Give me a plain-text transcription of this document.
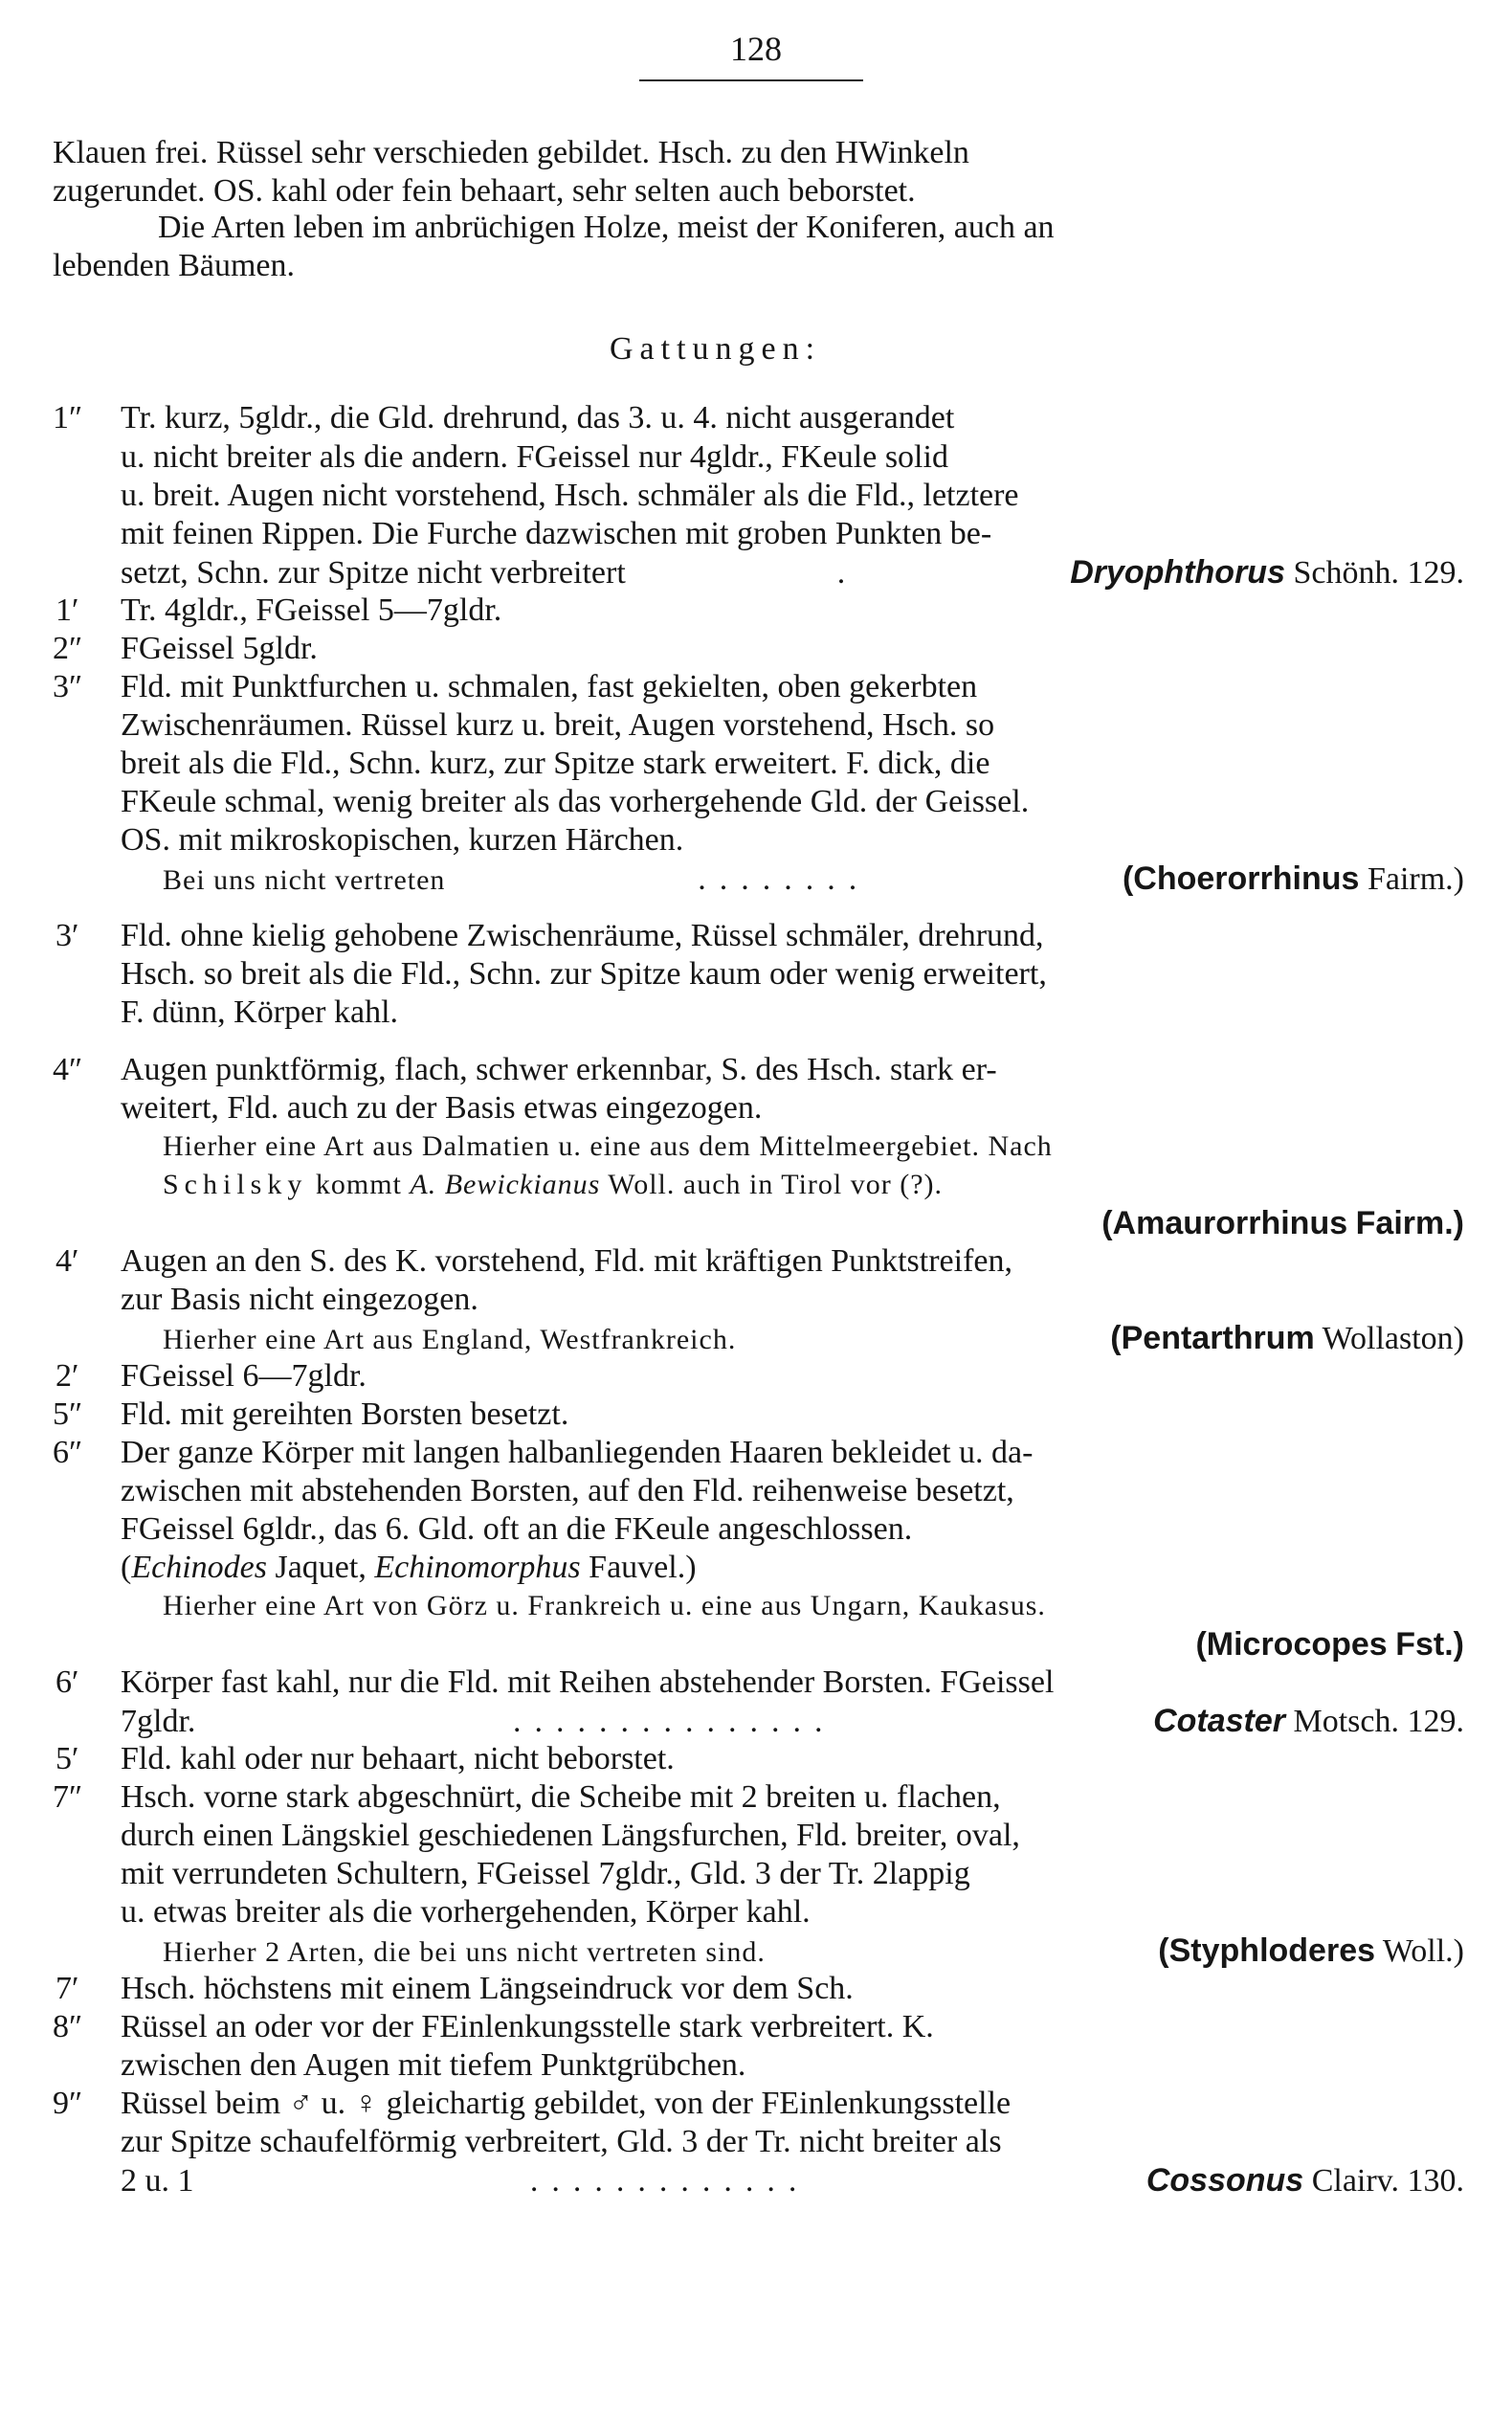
128
Klauen frei. Rüssel sehr verschieden gebildet. Hsch. zu den HWinkeln
zugerundet. OS. kahl oder fein behaart, sehr selten auch beborstet.
Die Arten leben im anbrüchigen Holze, meist der Koniferen, auch an
lebenden Bäumen.
Gattungen:
1″ Tr. kurz, 5gldr., die Gld. drehrund, das 3. u. 4. nicht ausgerandet
u. nicht breiter als die andern. FGeissel nur 4gldr., FKeule solid
u. breit. Augen nicht vorstehend, Hsch. schmäler als die Fld., letztere
mit feinen Rippen. Die Furche dazwischen mit groben Punkten be-
setzt, Schn. zur Spitze nicht verbreitert	.	Dryophthorus Schönh. 129.
1′ Tr. 4gldr., FGeissel 5—7gldr.
2″ FGeissel 5gldr.
3″ Fld. mit Punktfurchen u. schmalen, fast gekielten, oben gekerbten
Zwischenräumen. Rüssel kurz u. breit, Augen vorstehend, Hsch. so
breit als die Fld., Schn. kurz, zur Spitze stark erweitert. F. dick, die
FKeule schmal, wenig breiter als das vorhergehende Gld. der Geissel.
OS. mit mikroskopischen, kurzen Härchen.
Bei uns nicht vertreten	........	(Choerorrhinus Fairm.)
3′ Fld. ohne kielig gehobene Zwischenräume, Rüssel schmäler, drehrund,
Hsch. so breit als die Fld., Schn. zur Spitze kaum oder wenig erweitert,
F. dünn, Körper kahl.
4″ Augen punktförmig, flach, schwer erkennbar, S. des Hsch. stark er-
weitert, Fld. auch zu der Basis etwas eingezogen.
Hierher eine Art aus Dalmatien u. eine aus dem Mittelmeergebiet. Nach
Schilsky kommt A. Bewickianus Woll. auch in Tirol vor (?).
(Amaurorrhinus Fairm.)
4′ Augen an den S. des K. vorstehend, Fld. mit kräftigen Punktstreifen,
zur Basis nicht eingezogen.
Hierher eine Art aus England, Westfrankreich.	(Pentarthrum Wollaston)
2′ FGeissel 6—7gldr.
5″ Fld. mit gereihten Borsten besetzt.
6″ Der ganze Körper mit langen halbanliegenden Haaren bekleidet u. da-
zwischen mit abstehenden Borsten, auf den Fld. reihenweise besetzt,
FGeissel 6gldr., das 6. Gld. oft an die FKeule angeschlossen.
(Echinodes Jaquet, Echinomorphus Fauvel.)
Hierher eine Art von Görz u. Frankreich u. eine aus Ungarn, Kaukasus.
(Microcopes Fst.)
6′ Körper fast kahl, nur die Fld. mit Reihen abstehender Borsten. FGeissel
7gldr.	...............	Cotaster Motsch. 129.
5′ Fld. kahl oder nur behaart, nicht beborstet.
7″ Hsch. vorne stark abgeschnürt, die Scheibe mit 2 breiten u. flachen,
durch einen Längskiel geschiedenen Längsfurchen, Fld. breiter, oval,
mit verrundeten Schultern, FGeissel 7gldr., Gld. 3 der Tr. 2lappig
u. etwas breiter als die vorhergehenden, Körper kahl.
Hierher 2 Arten, die bei uns nicht vertreten sind.	(Styphloderes Woll.)
7′ Hsch. höchstens mit einem Längseindruck vor dem Sch.
8″ Rüssel an oder vor der FEinlenkungsstelle stark verbreitert. K.
zwischen den Augen mit tiefem Punktgrübchen.
9″ Rüssel beim ♂ u. ♀ gleichartig gebildet, von der FEinlenkungsstelle
zur Spitze schaufelförmig verbreitert, Gld. 3 der Tr. nicht breiter als
2 u. 1	.............	Cossonus Clairv. 130.
